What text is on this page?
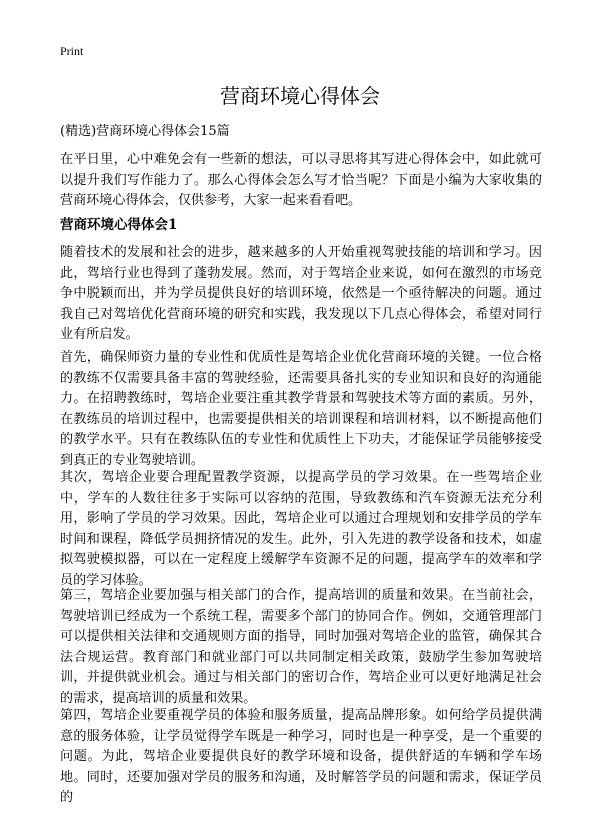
Print
营商环境心得体会
(精选)营商环境心得体会15篇

在平日里，心中难免会有一些新的想法，可以寻思将其写进心得体会中，如此就可以提升我们写作能力了。那么心得体会怎么写才恰当呢？下面是小编为大家收集的营商环境心得体会，仅供参考，大家一起来看看吧。

营商环境心得体会1

随着技术的发展和社会的进步，越来越多的人开始重视驾驶技能的培训和学习。因此，驾培行业也得到了蓬勃发展。然而，对于驾培企业来说，如何在激烈的市场竞争中脱颖而出，并为学员提供良好的培训环境，依然是一个亟待解决的问题。通过我自己对驾培优化营商环境的研究和实践，我发现以下几点心得体会，希望对同行业有所启发。

首先，确保师资力量的专业性和优质性是驾培企业优化营商环境的关键。一位合格的教练不仅需要具备丰富的驾驶经验，还需要具备扎实的专业知识和良好的沟通能力。在招聘教练时，驾培企业要注重其教学背景和驾驶技术等方面的素质。另外，在教练员的培训过程中，也需要提供相关的培训课程和培训材料，以不断提高他们的教学水平。只有在教练队伍的专业性和优质性上下功夫，才能保证学员能够接受到真正的专业驾驶培训。

其次，驾培企业要合理配置教学资源，以提高学员的学习效果。在一些驾培企业中，学车的人数往往多于实际可以容纳的范围，导致教练和汽车资源无法充分利用，影响了学员的学习效果。因此，驾培企业可以通过合理规划和安排学员的学车时间和课程，降低学员拥挤情况的发生。此外，引入先进的教学设备和技术，如虚拟驾驶模拟器，可以在一定程度上缓解学车资源不足的问题，提高学车的效率和学员的学习体验。

第三，驾培企业要加强与相关部门的合作，提高培训的质量和效果。在当前社会，驾驶培训已经成为一个系统工程，需要多个部门的协同合作。例如，交通管理部门可以提供相关法律和交通规则方面的指导，同时加强对驾培企业的监管，确保其合法合规运营。教育部门和就业部门可以共同制定相关政策，鼓励学生参加驾驶培训，并提供就业机会。通过与相关部门的密切合作，驾培企业可以更好地满足社会的需求，提高培训的质量和效果。

第四，驾培企业要重视学员的体验和服务质量，提高品牌形象。如何给学员提供满意的服务体验，让学员觉得学车既是一种学习，同时也是一种享受，是一个重要的问题。为此，驾培企业要提供良好的教学环境和设备，提供舒适的车辆和学车场地。同时，还要加强对学员的服务和沟通，及时解答学员的问题和需求，保证学员的
